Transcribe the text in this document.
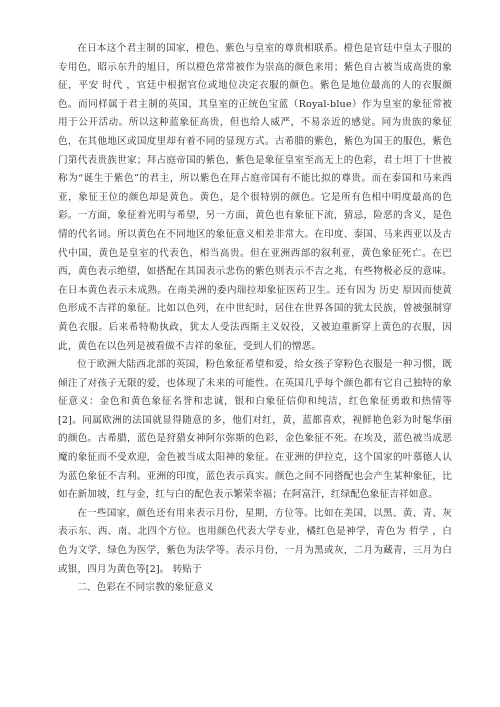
在日本这个君主制的国家，橙色、紫色与皇室的尊贵相联系。橙色是官廷中皇太子服的专用色，昭示东升的旭日，所以橙色常常被作为崇高的颜色来用；紫色自古被当成高贵的象征，平安 时代 ，官廷中根据官位或地位决定衣服的颜色。紫色是地位最高的人的衣服颜色。而同样属于君主制的英国，其皇室的正统色宝蓝（Royal-blue）作为皇室的象征常被用于公开活动。所以这种蓝象征高贵，但也给人威严，不易亲近的感觉。同为贵族的象征色，在其他地区或国度里却有着不同的显现方式。古希腊的紫色，紫色为国王的服色，紫色门第代表贵族世家；拜占庭帝国的紫色，紫色是象征皇室至高无上的色彩，君士坦丁十世被称为“诞生于紫色”的君主，所以紫色在拜占庭帝国有不能比拟的尊贵。而在泰国和马来西亚，象征王位的颜色却是黄色。黄色，是个很特别的颜色。它是所有色相中明度最高的色彩。一方面，象征着光明与希望，另一方面，黄色也有象征下流，猜忌，险恶的含义，是色情的代名词。所以黄色在不同地区的象征意义相差非常大。在印度、泰国、马来西亚以及古代中国，黄色是皇室的代表色，相当高贵。但在亚洲西部的叙利亚，黄色象征死亡。在巴西，黄色表示绝望，如搭配在其国表示悲伤的紫色则表示不吉之兆，有些物极必反的意味。在日本黄色表示未成熟。在南美洲的委内瑞拉却象征医药卫生。还有因为 历史 原因而使黄色形成不吉祥的象征。比如以色列，在中世纪时，居住在世界各国的犹太民族，曾被强制穿黄色衣服。后来希特勒执政，犹太人受法西斯主义奴役，又被迫重新穿上黄色的衣服，因此，黄色在以色列是被看做不吉祥的象征，受到人们的憎恶。

位于欧洲大陆西北部的英国，粉色象征希望和爱，给女孩子穿粉色衣服是一种习惯，既倾注了对孩子无限的爱，也体现了未来的可能性。在英国几乎每个颜色都有它自己独特的象征意义：金色和黄色象征名誉和忠诚，银和白象征信仰和纯洁，红色象征勇敢和热情等[2]。同属欧洲的法国就显得随意的多，他们对红，黄，蓝都喜欢，视鲜艳色彩为时髦华丽的颜色。古希腊，蓝色是狩猎女神阿尔弥斯的色彩，金色象征不死。在埃及，蓝色被当成恶魔的象征而不受欢迎，金色被当成太阳神的象征。在亚洲的伊拉克，这个国家的叶慕德人认为蓝色象征不吉利。亚洲的印度，蓝色表示真实。颜色之间不同搭配也会产生某种象征，比如在新加坡，红与金，红与白的配色表示繁荣幸福；在阿富汗，红绿配色象征吉祥如意。

在一些国家，颜色还有用来表示月份，星期，方位等。比如在美国，以黑、黄、青、灰表示东、西、南、北四个方位。也用颜色代表大学专业，橘红色是神学，青色为 哲学 ，白色为文学，绿色为医学，紫色为法学等。表示月份，一月为黑或灰，二月为藏青，三月为白或银，四月为黄色等[2]。 转贴于

二、色彩在不同宗教的象征意义
